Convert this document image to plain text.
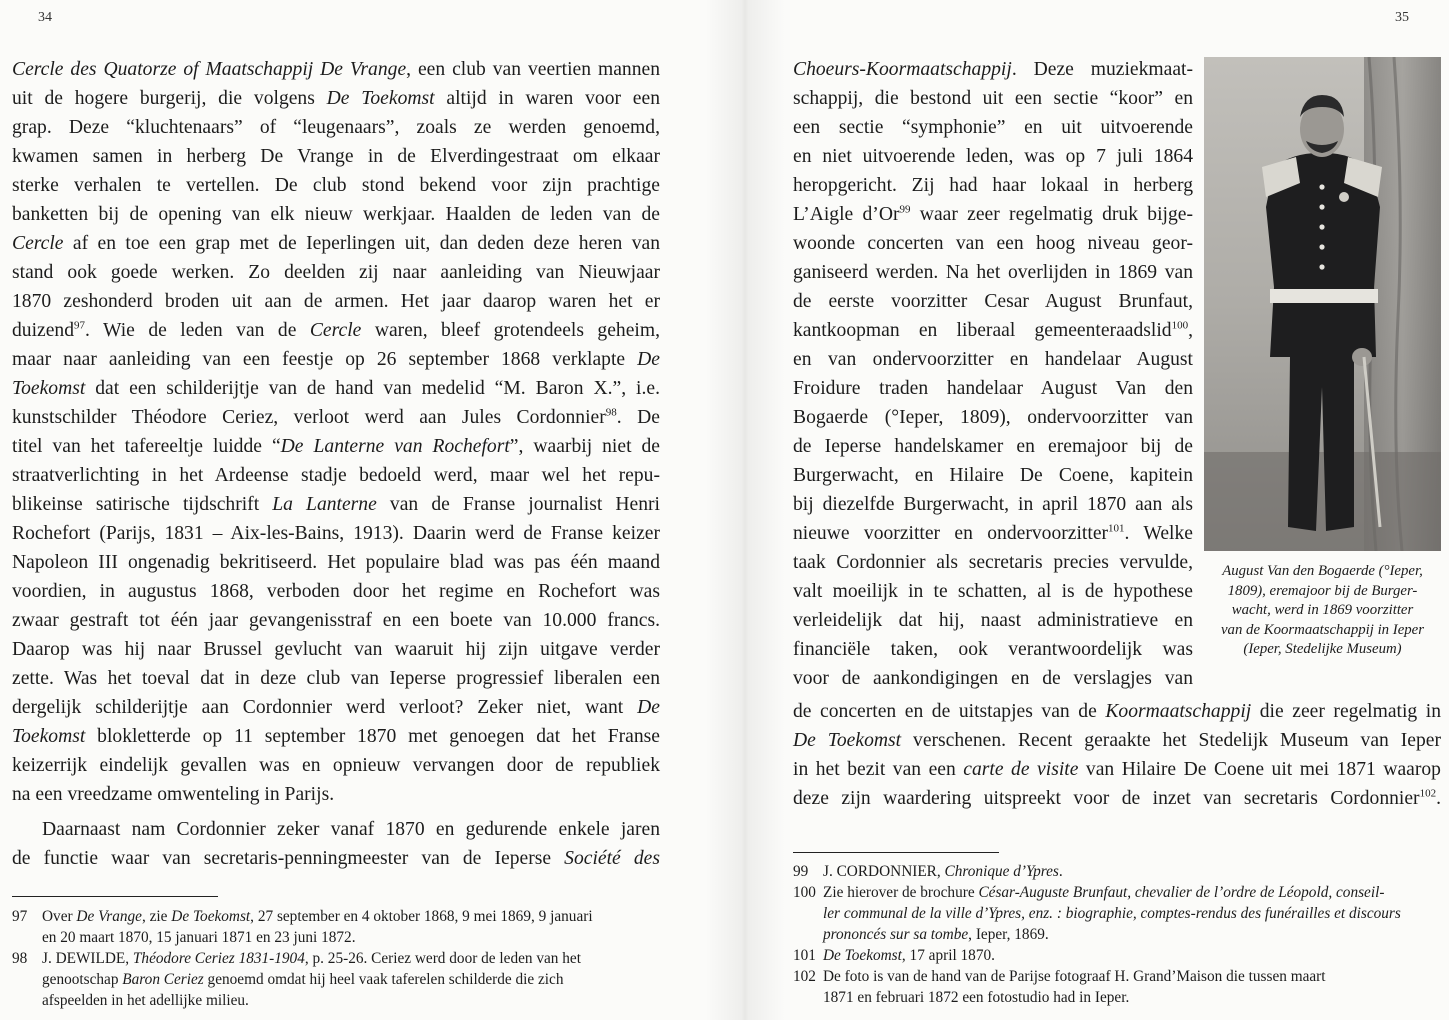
34	35
Cercle des Quatorze of Maatschappij De Vrange, een club van veertien mannen
uit de hogere burgerij, die volgens De Toekomst altijd in waren voor een
grap. Deze “kluchtenaars” of “leugenaars”, zoals ze werden genoemd,
kwamen samen in herberg De Vrange in de Elverdingestraat om elkaar
sterke verhalen te vertellen. De club stond bekend voor zijn prachtige
banketten bij de opening van elk nieuw werkjaar. Haalden de leden van de
Cercle af en toe een grap met de Ieperlingen uit, dan deden deze heren van
stand ook goede werken. Zo deelden zij naar aanleiding van Nieuwjaar
1870 zeshonderd broden uit aan de armen. Het jaar daarop waren het er
duizend$^{97}$. Wie de leden van de Cercle waren, bleef grotendeels geheim,
maar naar aanleiding van een feestje op 26 september 1868 verklapte De
Toekomst dat een schilderijtje van de hand van medelid “M. Baron X.”, i.e.
kunstschilder Théodore Ceriez, verloot werd aan Jules Cordonnier$^{98}$. De
titel van het tafereeltje luidde “De Lanterne van Rochefort”, waarbij niet de
straatverlichting in het Ardeense stadje bedoeld werd, maar wel het repu-
blikeinse satirische tijdschrift La Lanterne van de Franse journalist Henri
Rochefort (Parijs, 1831 – Aix-les-Bains, 1913). Daarin werd de Franse keizer
Napoleon III ongenadig bekritiseerd. Het populaire blad was pas één maand
voordien, in augustus 1868, verboden door het regime en Rochefort was
zwaar gestraft tot één jaar gevangenisstraf en een boete van 10.000 francs.
Daarop was hij naar Brussel gevlucht van waaruit hij zijn uitgave verder
zette. Was het toeval dat in deze club van Ieperse progressief liberalen een
dergelijk schilderijtje aan Cordonnier werd verloot? Zeker niet, want De
Toekomst blokletterde op 11 september 1870 met genoegen dat het Franse
keizerrijk eindelijk gevallen was en opnieuw vervangen door de republiek
na een vreedzame omwenteling in Parijs.
Daarnaast nam Cordonnier zeker vanaf 1870 en gedurende enkele jaren
de functie waar van secretaris-penningmeester van de Ieperse Société des
97 Over De Vrange, zie De Toekomst, 27 september en 4 oktober 1868, 9 mei 1869, 9 januari
en 20 maart 1870, 15 januari 1871 en 23 juni 1872.
98 J. DEWILDE, Théodore Ceriez 1831-1904, p. 25-26. Ceriez werd door de leden van het
genootschap Baron Ceriez genoemd omdat hij heel vaak taferelen schilderde die zich
afspeelden in het adellijke milieu.
Choeurs-Koormaatschappij. Deze muziekmaat-
schappij, die bestond uit een sectie “koor” en
een sectie “symphonie” en uit uitvoerende
en niet uitvoerende leden, was op 7 juli 1864
heropgericht. Zij had haar lokaal in herberg
L’Aigle d’Or$^{99}$ waar zeer regelmatig druk bijge-
woonde concerten van een hoog niveau geor-
ganiseerd werden. Na het overlijden in 1869 van
de eerste voorzitter Cesar August Brunfaut,
kantkoopman en liberaal gemeenteraadslid$^{100}$,
en van ondervoorzitter en handelaar August
Froidure traden handelaar August Van den
Bogaerde (°Ieper, 1809), ondervoorzitter van
de Ieperse handelskamer en eremajoor bij de
Burgerwacht, en Hilaire De Coene, kapitein
bij diezelfde Burgerwacht, in april 1870 aan als
nieuwe voorzitter en ondervoorzitter$^{101}$. Welke
taak Cordonnier als secretaris precies vervulde,
valt moeilijk in te schatten, al is de hypothese
verleidelijk dat hij, naast administratieve en
financiële taken, ook verantwoordelijk was
voor de aankondigingen en de verslagjes van
August Van den Bogaerde (°Ieper,
1809), eremajoor bij de Burger-
wacht, werd in 1869 voorzitter
van de Koormaatschappij in Ieper
(Ieper, Stedelijke Museum)
de concerten en de uitstapjes van de Koormaatschappij die zeer regelmatig in
De Toekomst verschenen. Recent geraakte het Stedelijk Museum van Ieper
in het bezit van een carte de visite van Hilaire De Coene uit mei 1871 waarop
deze zijn waardering uitspreekt voor de inzet van secretaris Cordonnier$^{102}$.
99 J. CORDONNIER, Chronique d’Ypres.
100 Zie hierover de brochure César-Auguste Brunfaut, chevalier de l’ordre de Léopold, conseil-
ler communal de la ville d’Ypres, enz. : biographie, comptes-rendus des funérailles et discours
prononcés sur sa tombe, Ieper, 1869.
101 De Toekomst, 17 april 1870.
102 De foto is van de hand van de Parijse fotograaf H. Grand’Maison die tussen maart
1871 en februari 1872 een fotostudio had in Ieper.
